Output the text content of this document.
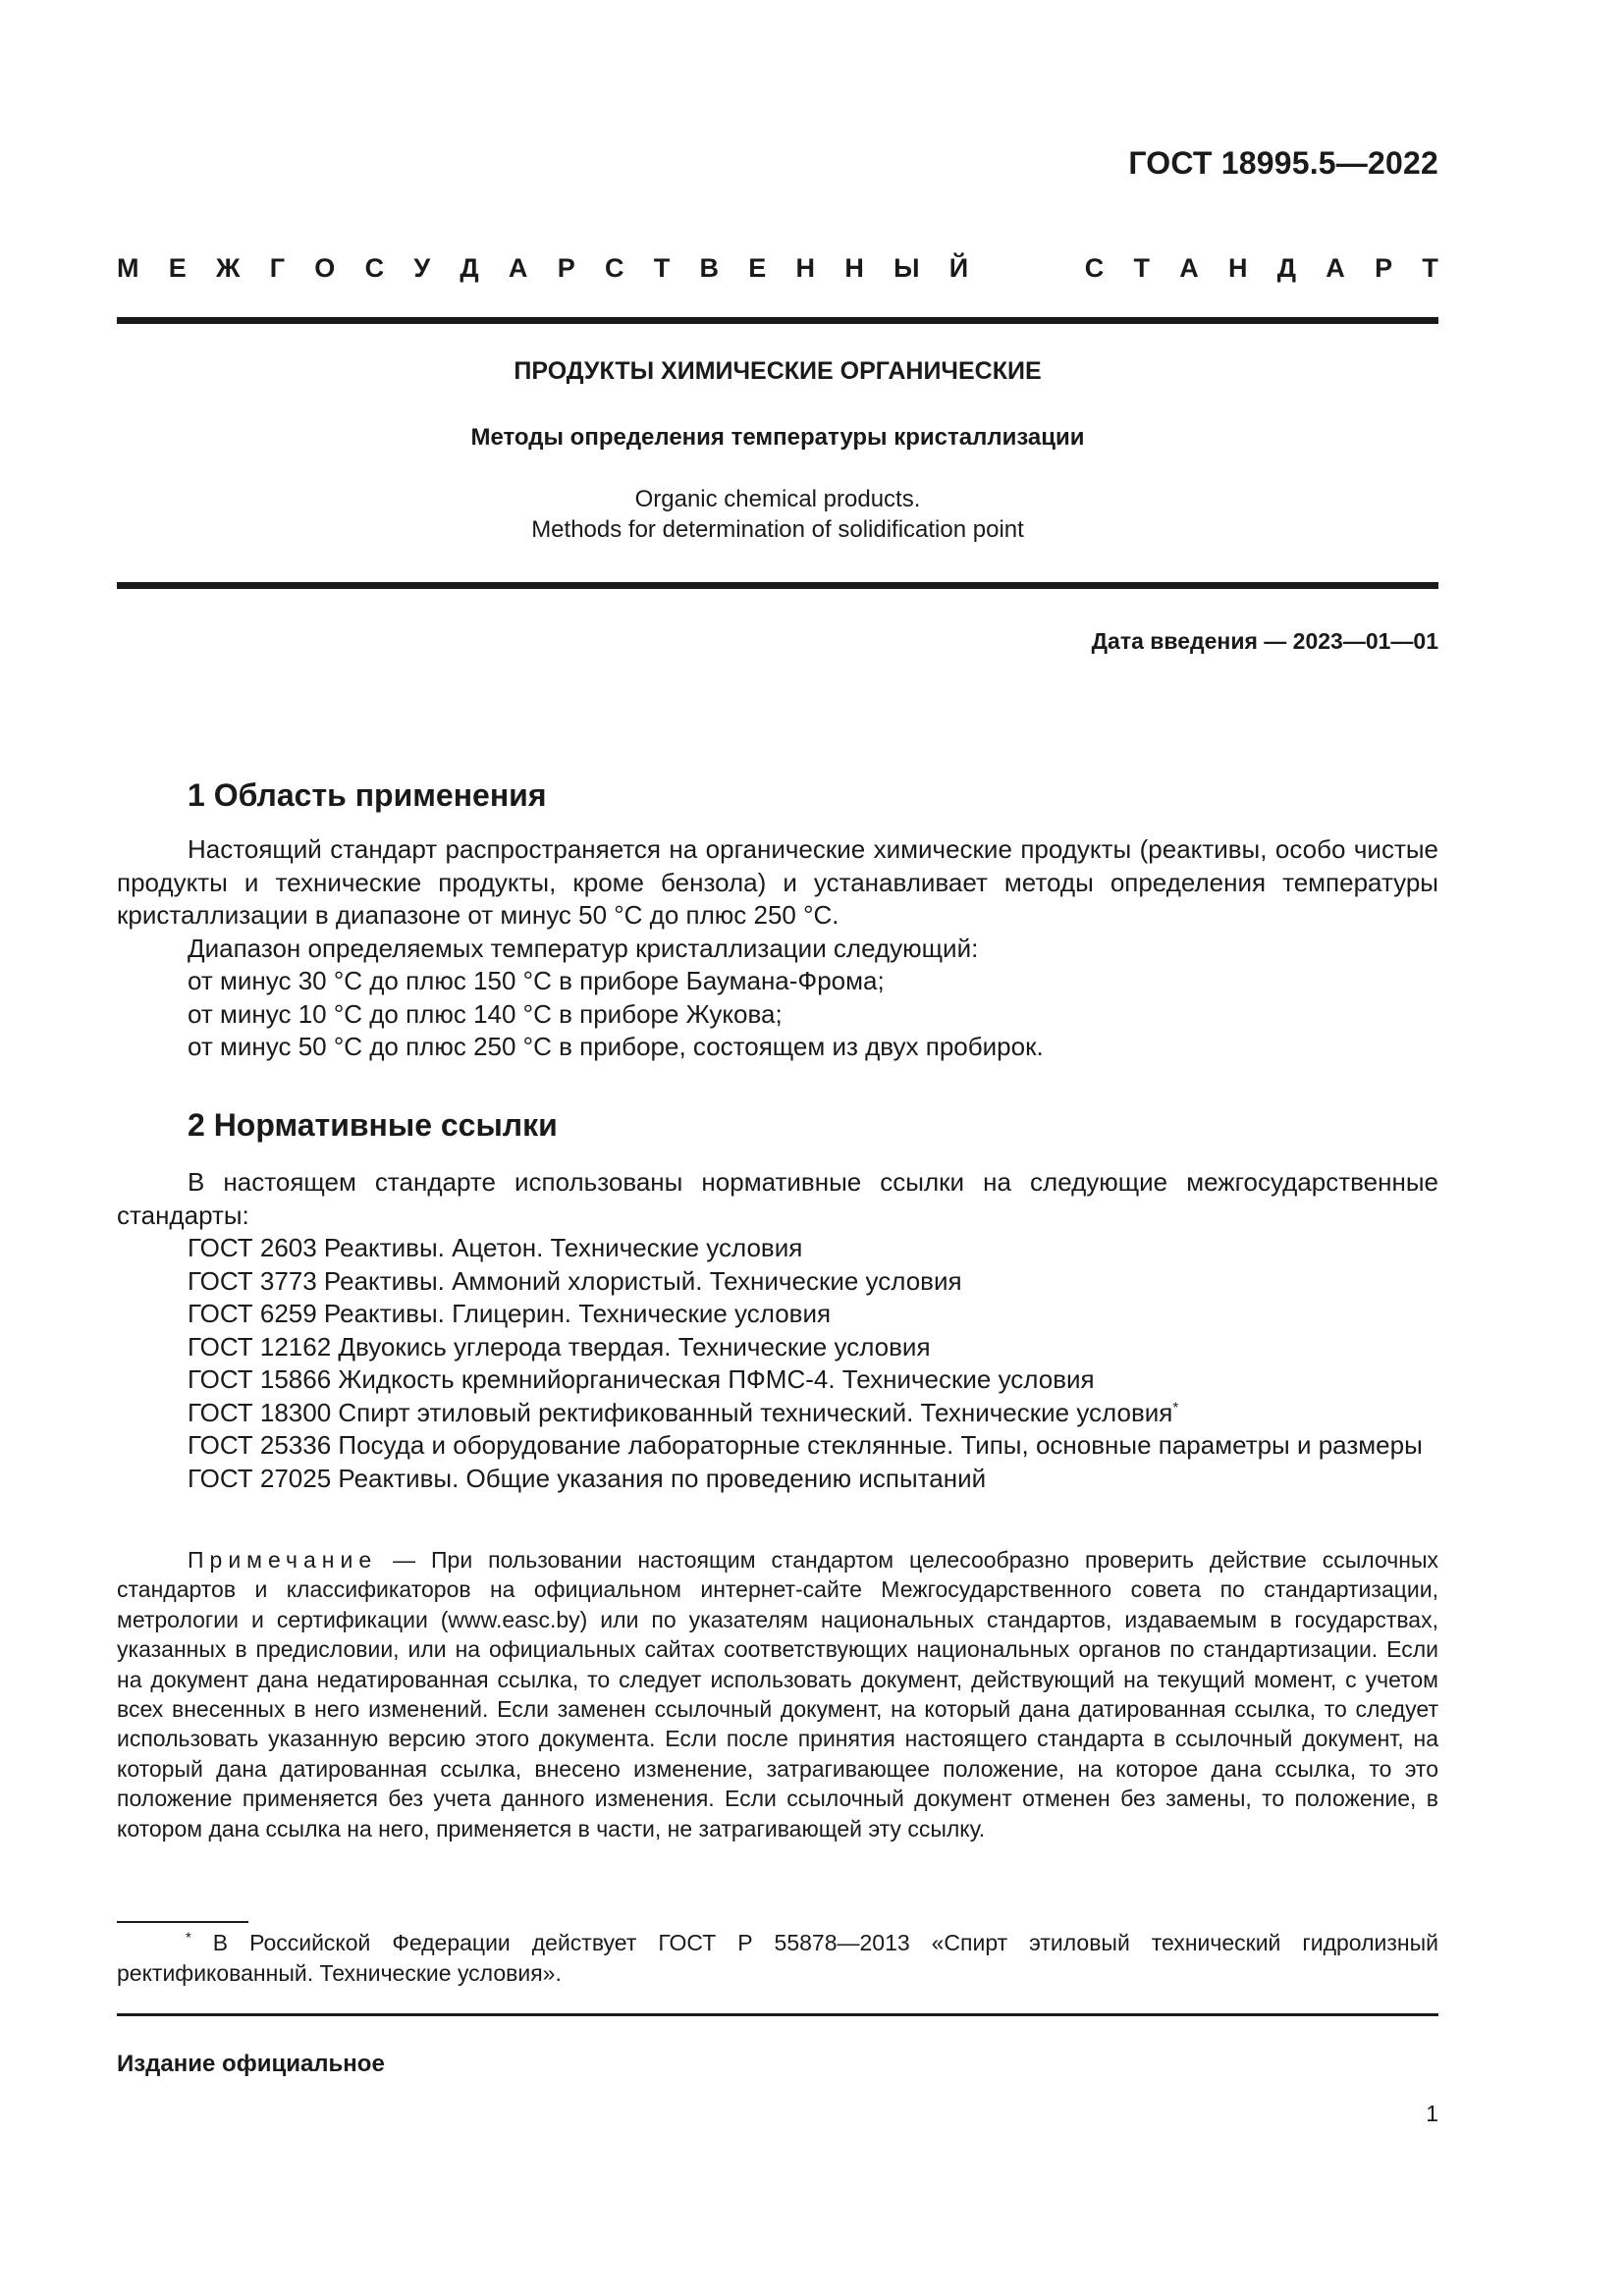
ГОСТ 18995.5—2022
М Е Ж Г О С У Д А Р С Т В Е Н Н Ы Й	С Т А Н Д А Р Т
ПРОДУКТЫ ХИМИЧЕСКИЕ ОРГАНИЧЕСКИЕ
Методы определения температуры кристаллизации
Organic chemical products.
Methods for determination of solidification point
Дата введения — 2023—01—01
1 Область применения

Настоящий стандарт распространяется на органические химические продукты (реактивы, особо чистые продукты и технические продукты, кроме бензола) и устанавливает методы определения температуры кристаллизации в диапазоне от минус 50 °С до плюс 250 °С.

Диапазон определяемых температур кристаллизации следующий:

от минус 30 °С до плюс 150 °С в приборе Баумана-Фрома;

от минус 10 °С до плюс 140 °С в приборе Жукова;

от минус 50 °С до плюс 250 °С в приборе, состоящем из двух пробирок.

2 Нормативные ссылки

В настоящем стандарте использованы нормативные ссылки на следующие межгосударственные стандарты:

ГОСТ 2603 Реактивы. Ацетон. Технические условия

ГОСТ 3773 Реактивы. Аммоний хлористый. Технические условия

ГОСТ 6259 Реактивы. Глицерин. Технические условия

ГОСТ 12162 Двуокись углерода твердая. Технические условия

ГОСТ 15866 Жидкость кремнийорганическая ПФМС-4. Технические условия

ГОСТ 18300 Спирт этиловый ректификованный технический. Технические условия*

ГОСТ 25336 Посуда и оборудование лабораторные стеклянные. Типы, основные параметры и размеры

ГОСТ 27025 Реактивы. Общие указания по проведению испытаний

Примечание — При пользовании настоящим стандартом целесообразно проверить действие ссылочных стандартов и классификаторов на официальном интернет-сайте Межгосударственного совета по стандартизации, метрологии и сертификации (www.easc.by) или по указателям национальных стандартов, издаваемым в государствах, указанных в предисловии, или на официальных сайтах соответствующих национальных органов по стандартизации. Если на документ дана недатированная ссылка, то следует использовать документ, действующий на текущий момент, с учетом всех внесенных в него изменений. Если заменен ссылочный документ, на который дана датированная ссылка, то следует использовать указанную версию этого документа. Если после принятия настоящего стандарта в ссылочный документ, на который дана датированная ссылка, внесено изменение, затрагивающее положение, на которое дана ссылка, то это положение применяется без учета данного изменения. Если ссылочный документ отменен без замены, то положение, в котором дана ссылка на него, применяется в части, не затрагивающей эту ссылку.

* В Российской Федерации действует ГОСТ Р 55878—2013 «Спирт этиловый технический гидролизный ректификованный. Технические условия».

Издание официальное
1
